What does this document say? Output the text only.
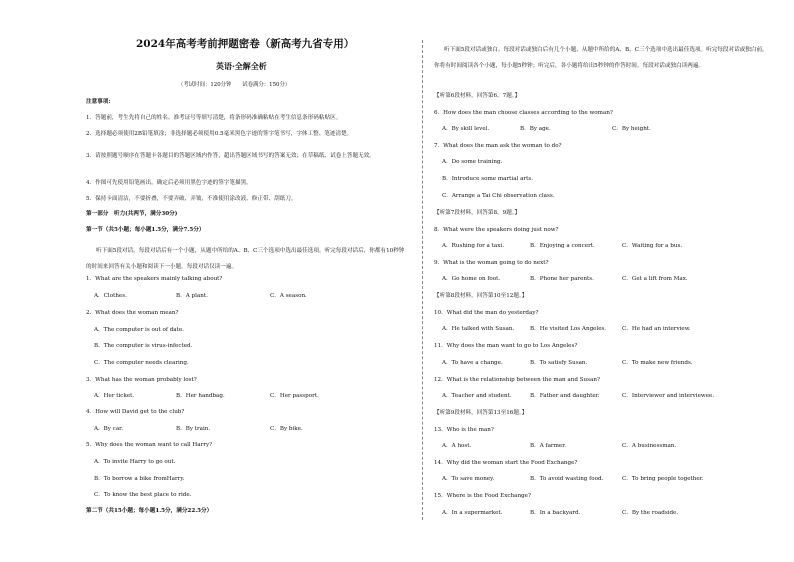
2024年高考考前押题密卷（新高考九省专用）
英语·全解全析
（考试时间：120分钟　　试卷满分：150分）
注意事项:
1．答题前，考生先将自己的姓名、准考证号等填写清楚，将条形码准确粘贴在考生信息条形码粘贴区。
2．选择题必须使用2B铅笔填涂；非选择题必须使用0.5毫米黑色字迹的签字笔书写，字体工整、笔迹清楚。
3．请按照题号顺序在答题卡各题目的答题区域内作答，超出答题区域书写的答案无效；在草稿纸、试卷上答题无效。
4．作图可先使用铅笔画出，确定后必须用黑色字迹的签字笔描黑。
5．保持卡面清洁，不要折叠，不要弄破、弄皱，不准使用涂改液、修正带、刮纸刀。
第一部分　听力(共两节，满分30分)
第一节（共5小题；每小题1.5分，满分7.5分）
听下面5段对话。每段对话后有一个小题，从题中所给的A、B、C三个选项中选出最佳选项。听完每段对话后，你都有10秒钟的时间来回答有关小题和阅读下一小题。每段对话仅读一遍。
1．What are the speakers mainly talking about?
A．Clothes.	B．A plant.	C．A season.
2．What does the woman mean?
A．The computer is out of date.
B．The computer is virus-infected.
C．The computer needs clearing.
3．What has the woman probably lost?
A．Her ticket.	B．Her handbag.	C．Her passport.
4．How will David get to the club?
A．By car.	B．By train.	C．By bike.
5．Why does the woman want to call Harry?
A．To invite Harry to go out.
B．To borrow a bike fromHarry.
C．To know the best place to ride.
第二节（共15小题；每小题1.5分，满分22.5分）
听下面5段对话或独白。每段对话或独白后有几个小题，从题中所给的A、B、C三个选项中选出最佳选项。听完每段对话或独白前，你将有时间阅读各个小题，每小题5秒钟；听完后，各小题将给出5秒钟的作答时间。每段对话或独白读两遍。
【听第6段材料，回答第6、7题。】
6．How does the man choose classes according to the woman?
A．By skill level.	B．By age.	C．By height.
7．What does the man ask the woman to do?
A．Do some training.
B．Introduce some martial arts.
C．Arrange a Tai Chi observation class.
【听第7段材料，回答第8、9题。】
8．What were the speakers doing just now?
A．Rushing for a taxi.	B．Enjoying a concert.	C．Waiting for a bus.
9．What is the woman going to do next?
A．Go home on foot.	B．Phone her parents.	C．Get a lift from Max.
【听第8段材料，回答第10至12题。】
10．What did the man do yesterday?
A．He talked with Susan.	B．He visited Los Angeles.	C．He had an interview.
11．Why does the man want to go to Los Angeles?
A．To have a change.	B．To satisfy Susan.	C．To make new friends.
12．What is the relationship between the man and Susan?
A．Teacher and student.	B．Father and daughter.	C．Interviewer and interviewee.
【听第9段材料，回答第13至16题。】
13．Who is the man?
A．A host.	B．A farmer.	C．A businessman.
14．Why did the woman start the Food Exchange?
A．To save money.	B．To avoid wasting food.	C．To bring people together.
15．Where is the Food Exchange?
A．In a supermarket.	B．In a backyard.	C．By the roadside.
